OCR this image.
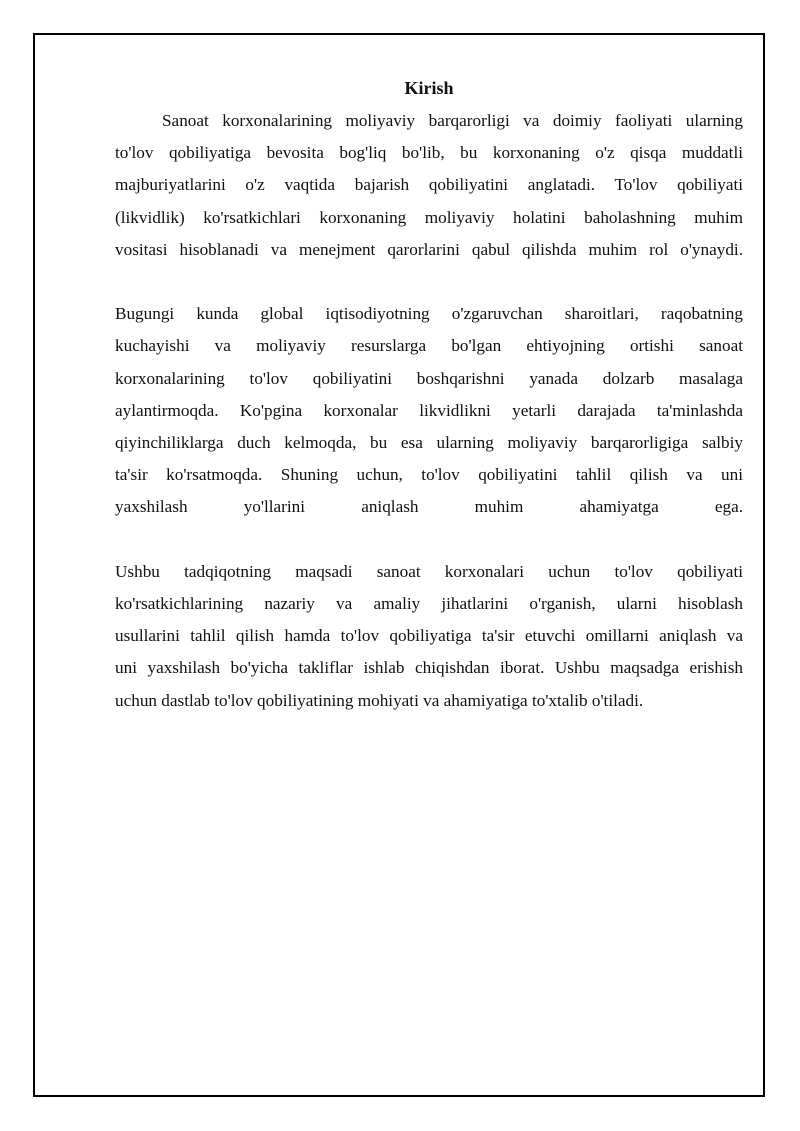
Kirish
Sanoat korxonalarining moliyaviy barqarorligi va doimiy faoliyati ularning
to'lov qobiliyatiga bevosita bog'liq bo'lib, bu korxonaning o'z qisqa muddatli
majburiyatlarini o'z vaqtida bajarish qobiliyatini anglatadi. To'lov qobiliyati
(likvidlik) ko'rsatkichlari korxonaning moliyaviy holatini baholashning muhim
vositasi hisoblanadi va menejment qarorlarini qabul qilishda muhim rol o'ynaydi.
Bugungi kunda global iqtisodiyotning o'zgaruvchan sharoitlari, raqobatning
kuchayishi va moliyaviy resurslarga bo'lgan ehtiyojning ortishi sanoat
korxonalarining to'lov qobiliyatini boshqarishni yanada dolzarb masalaga
aylantirmoqda. Ko'pgina korxonalar likvidlikni yetarli darajada ta'minlashda
qiyinchiliklarga duch kelmoqda, bu esa ularning moliyaviy barqarorligiga salbiy
ta'sir ko'rsatmoqda. Shuning uchun, to'lov qobiliyatini tahlil qilish va uni
yaxshilash yo'llarini aniqlash muhim ahamiyatga ega.
Ushbu tadqiqotning maqsadi sanoat korxonalari uchun to'lov qobiliyati
ko'rsatkichlarining nazariy va amaliy jihatlarini o'rganish, ularni hisoblash
usullarini tahlil qilish hamda to'lov qobiliyatiga ta'sir etuvchi omillarni aniqlash va
uni yaxshilash bo'yicha takliflar ishlab chiqishdan iborat. Ushbu maqsadga erishish
uchun dastlab to'lov qobiliyatining mohiyati va ahamiyatiga to'xtalib o'tiladi.
